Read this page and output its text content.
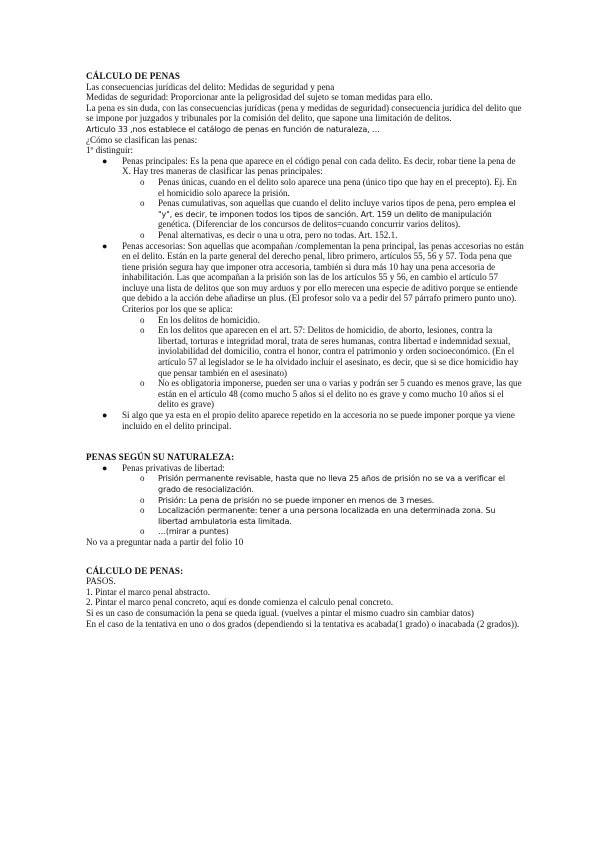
CÁLCULO DE PENAS

Las consecuencias jurídicas del delito: Medidas de seguridad y pena

Medidas de seguridad: Proporcionar ante la peligrosidad del sujeto se toman medidas para ello.

La pena es sin duda, con las consecuencias jurídicas (pena y medidas de seguridad) consecuencia jurídica del delito que se impone por juzgados y tribunales por la comisión del delito, que sapone una limitación de delitos.

Articulo 33 ,nos establece el catálogo de penas en función de naturaleza, …

¿Cómo se clasifican las penas:

1º distinguir:

● Penas principales: Es la pena que aparece en el código penal con cada delito. Es decir, robar tiene la pena de X. Hay tres maneras de clasificar las penas principales:
o Penas únicas, cuando en el delito solo aparece una pena (único tipo que hay en el precepto). Ej. En el homicidio solo aparece la prisión.
o Penas cumulativas, son aquellas que cuando el delito incluye varios tipos de pena, pero emplea el "y", es decir, te imponen todos los tipos de sanción. Art. 159 un delito de manipulación genética. (Diferenciar de los concursos de delitos=cuando concurrir varios delitos).
o Penal alternativas, es decir o una u otra, pero no todas. Art. 152.1.
● Penas accesorias: Son aquellas que acompañan /complementan la pena principal, las penas accesorias no están en el delito. Están en la parte general del derecho penal, libro primero, artículos 55, 56 y 57. Toda pena que tiene prisión segura hay que imponer otra accesoria, también si dura más 10 hay una pena accesoria de inhabilitación. Las que acompañan a la prisión son las de los artículos 55 y 56, en cambio el artículo 57 incluye una lista de delitos que son muy arduos y por ello merecen una especie de aditivo porque se entiende que debido a la acción debe añadirse un plus. (El profesor solo va a pedir del 57 párrafo primero punto uno). Criterios por los que se aplica:
o En los delitos de homicidio.
o En los delitos que aparecen en el art. 57: Delitos de homicidio, de aborto, lesiones, contra la libertad, torturas e integridad moral, trata de seres humanas, contra libertad e indemnidad sexual, inviolabilidad del domicilio, contra el honor, contra el patrimonio y orden socioeconómico. (En el artículo 57 al legislador se le ha olvidado incluir el asesinato, es decir, que si se dice homicidio hay que pensar también en el asesinato)
o No es obligatoria imponerse, pueden ser una o varias y podrán ser 5 cuando es menos grave, las que están en el artículo 48 (como mucho 5 años si el delito no es grave y como mucho 10 años si el delito es grave)
● Si algo que ya esta en el propio delito aparece repetido en la accesoria no se puede imponer porque ya viene incluido en el delito principal.

PENAS SEGÚN SU NATURALEZA:

● Penas privativas de libertad:
o Prisión permanente revisable, hasta que no lleva 25 años de prisión no se va a verificar el grado de resocialización.
o Prisión: La pena de prisión no se puede imponer en menos de 3 meses.
o Localización permanente: tener a una persona localizada en una determinada zona. Su libertad ambulatoria esta limitada.
o …(mirar a puntes)

No va a preguntar nada a partir del folio 10

CÁLCULO DE PENAS:

PASOS.

1. Pintar el marco penal abstracto.

2. Pintar el marco penal concreto, aquí es donde comienza el calculo penal concreto.

Si es un caso de consumación la pena se queda igual. (vuelves a pintar el mismo cuadro sin cambiar datos)

En el caso de la tentativa en uno o dos grados (dependiendo si la tentativa es acabada(1 grado) o inacabada (2 grados)).
